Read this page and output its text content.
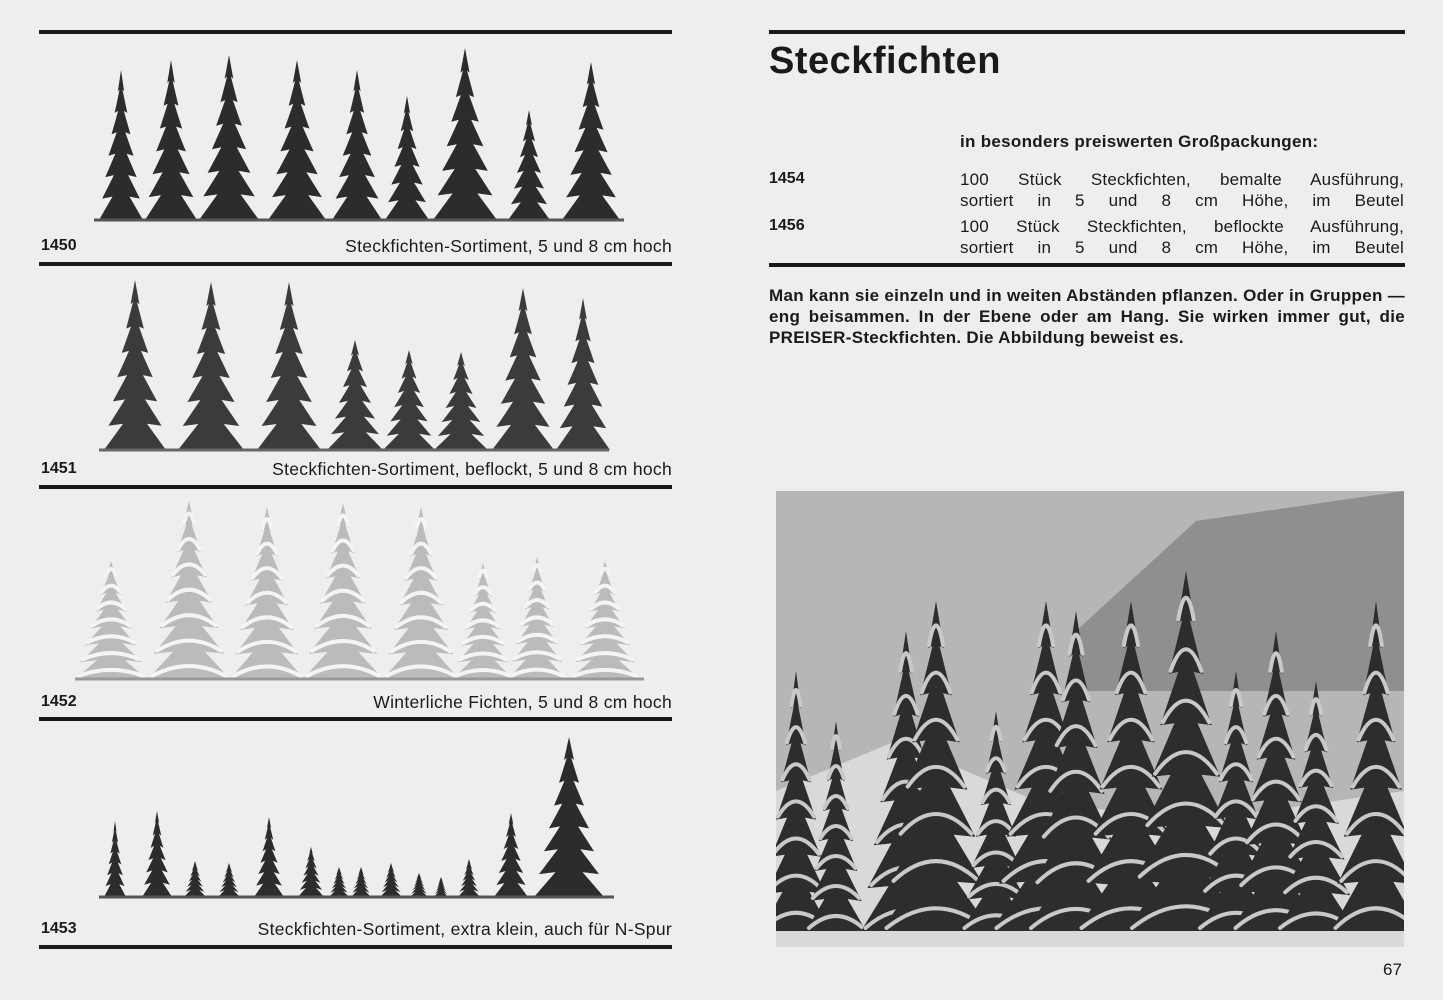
1450	Steckfichten-Sortiment, 5 und 8 cm hoch
1451	Steckfichten-Sortiment, beflockt, 5 und 8 cm hoch
1452	Winterliche Fichten, 5 und 8 cm hoch
1453	Steckfichten-Sortiment, extra klein, auch für N-Spur
Steckfichten
in besonders preiswerten Großpackungen:
1454	100 Stück Steckfichten, bemalte Ausführung,
sortiert in 5 und 8 cm Höhe, im Beutel
1456	100 Stück Steckfichten, beflockte Ausführung,
sortiert in 5 und 8 cm Höhe, im Beutel

Man kann sie einzeln und in weiten Abständen pflanzen. Oder in Gruppen — eng beisammen. In der Ebene oder am Hang. Sie wirken immer gut, die PREISER-Steckfichten. Die Abbildung beweist es.

67
